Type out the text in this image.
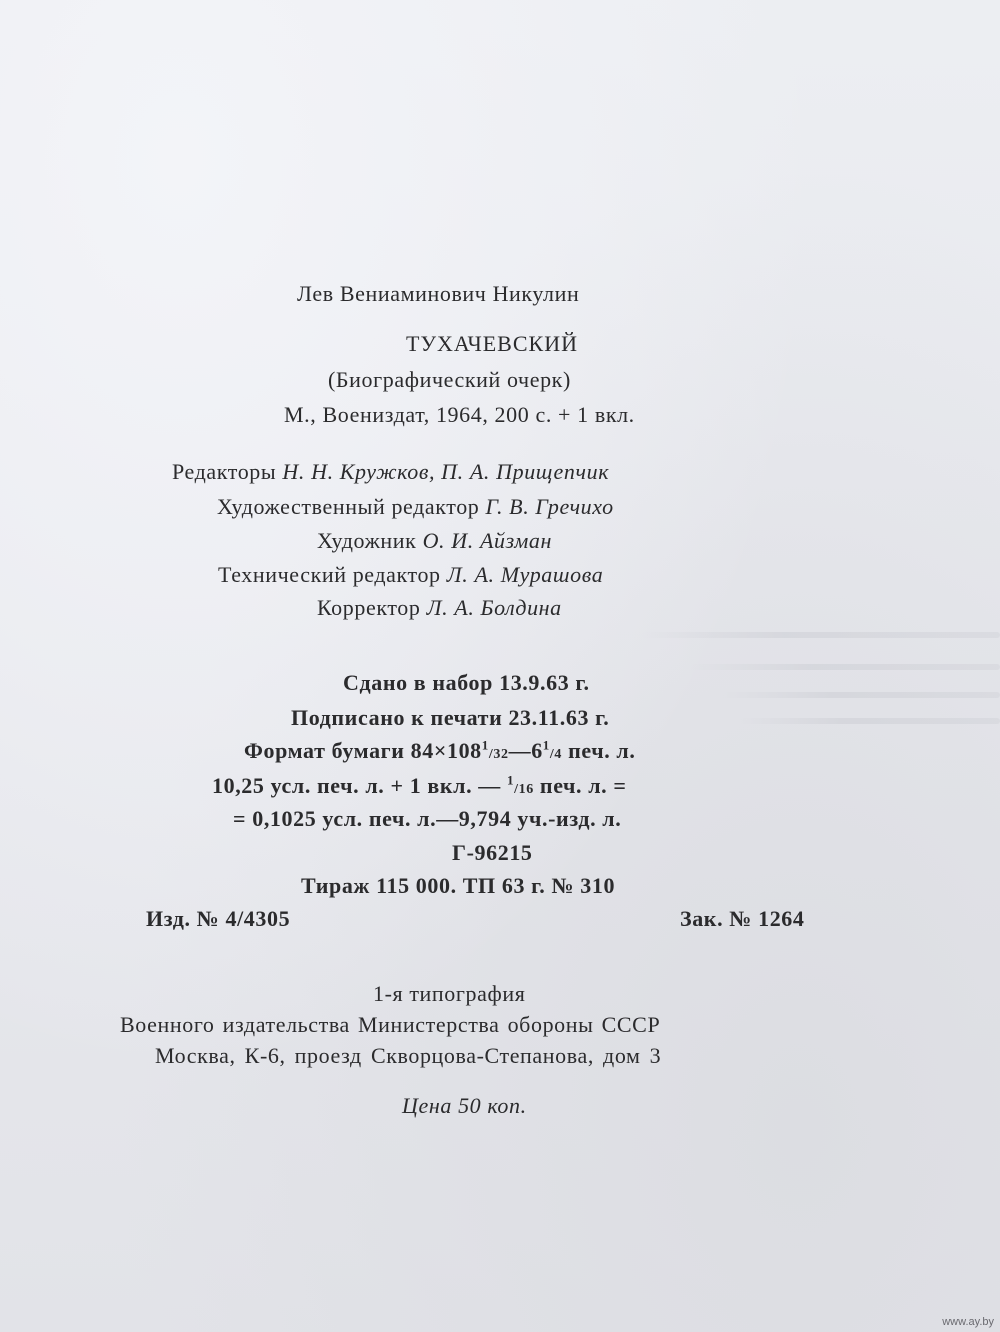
Лев Вениаминович Никулин
ТУХАЧЕВСКИЙ
(Биографический очерк)
М., Воениздат, 1964, 200 с. + 1 вкл.
Редакторы Н. Н. Кружков, П. А. Прищепчик
Художественный редактор Г. В. Гречихо
Художник О. И. Айзман
Технический редактор Л. А. Мурашова
Корректор Л. А. Болдина
Сдано в набор 13.9.63 г.
Подписано к печати 23.11.63 г.
Формат бумаги $84\times 108^1/32—6^1/4$ печ. л.
10,25 усл. печ. л. + 1 вкл. — $^1$/16 печ. л. =
= 0,1025 усл. печ. л.—9,794 уч.-изд. л.
Г-96215
Тираж 115 000. ТП 63 г. № 310
Изд. № 4/4305	Зак. № 1264
1-я типография
Военного издательства Министерства обороны СССР
Москва, К-6, проезд Скворцова-Степанова, дом 3
Цена 50 коп.
www.ay.by
